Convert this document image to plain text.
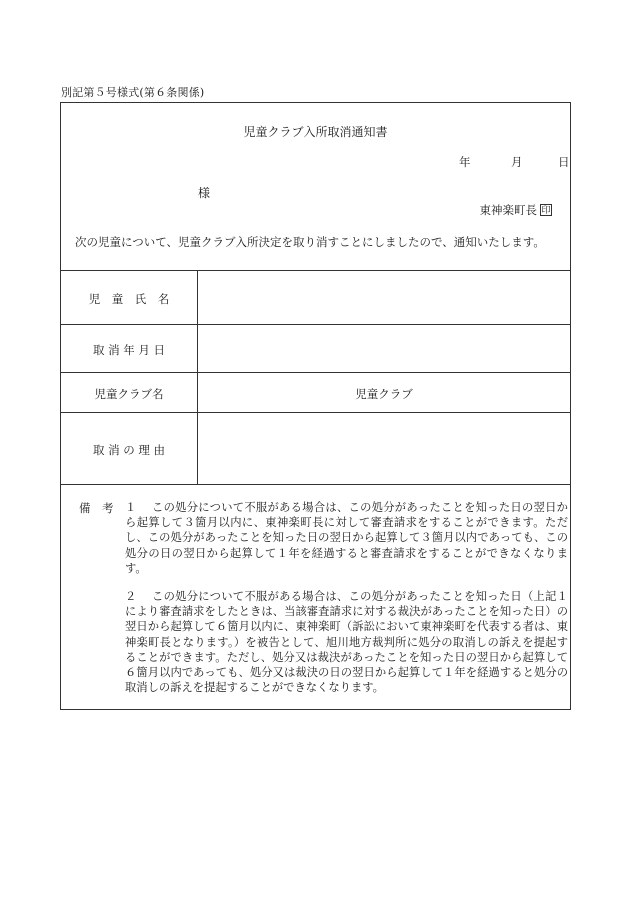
別記第５号様式(第６条関係)
児童クラブ入所取消通知書
年	月	日
様
東神楽町長 印
次の児童について、児童クラブ入所決定を取り消すことにしましたので、通知いたします。
児　童　氏　名
取 消 年 月 日
児童クラブ名	児童クラブ
取 消 の 理 由
備　考 １　 この処分について不服がある場合は、この処分があったことを知った日の翌日から起算して３箇月以内に、東神楽町長に対して審査請求をすることができます。ただし、この処分があったことを知った日の翌日から起算して３箇月以内であっても、この処分の日の翌日から起算して１年を経過すると審査請求をすることができなくなります。

２　 この処分について不服がある場合は、この処分があったことを知った日（上記１により審査請求をしたときは、当該審査請求に対する裁決があったことを知った日）の翌日から起算して６箇月以内に、東神楽町（訴訟において東神楽町を代表する者は、東神楽町長となります。）を被告として、旭川地方裁判所に処分の取消しの訴えを提起することができます。ただし、処分又は裁決があったことを知った日の翌日から起算して６箇月以内であっても、処分又は裁決の日の翌日から起算して１年を経過すると処分の取消しの訴えを提起することができなくなります。
